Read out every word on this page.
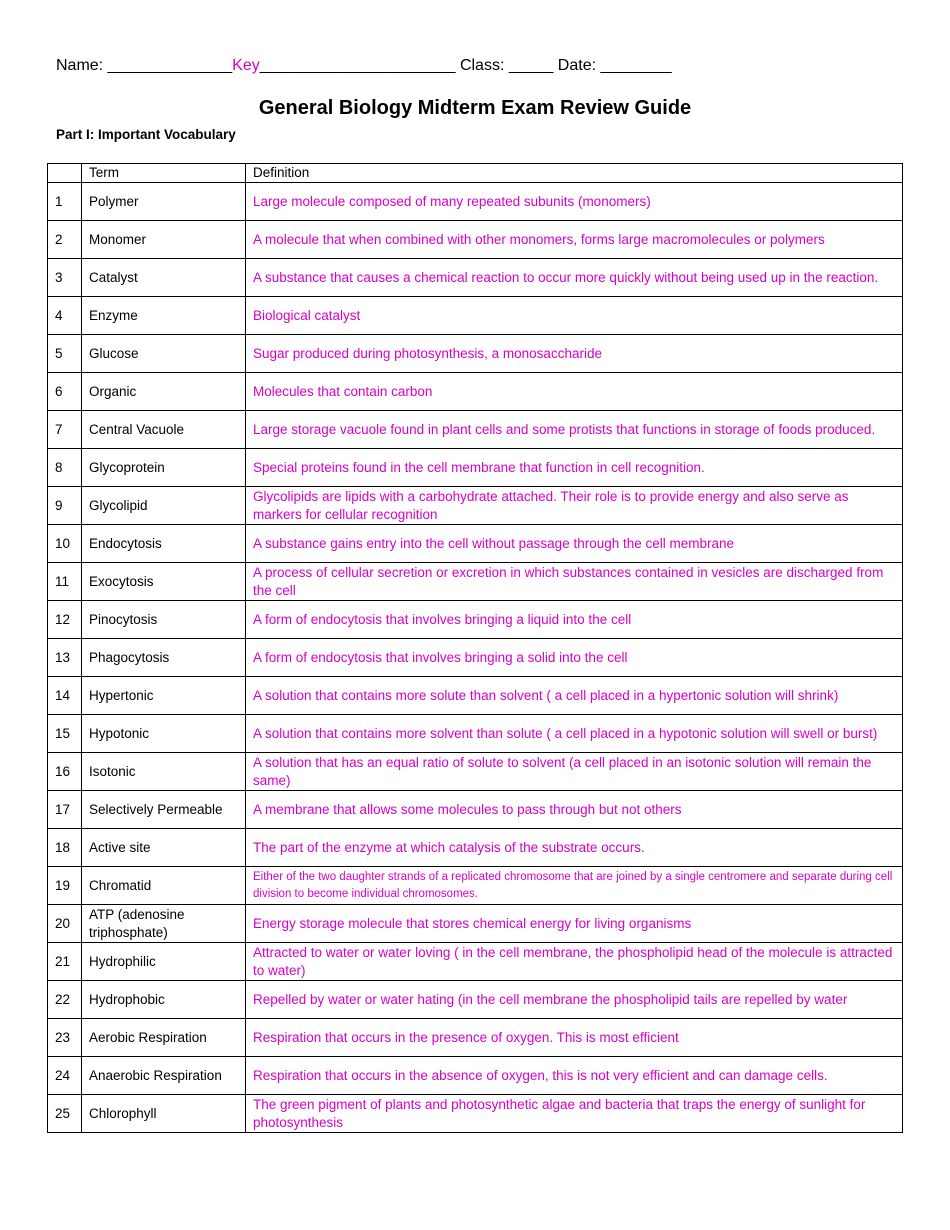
Name: ______________Key______________________ Class: _____ Date: ________
General Biology Midterm Exam Review Guide
Part I: Important Vocabulary
	Term	Definition
1	Polymer	Large molecule composed of many repeated subunits (monomers)
2	Monomer	A molecule that when combined with other monomers, forms large macromolecules or polymers
3	Catalyst	A substance that causes a chemical reaction to occur more quickly without being used up in the reaction.
4	Enzyme	Biological catalyst
5	Glucose	Sugar produced during photosynthesis, a monosaccharide
6	Organic	Molecules that contain carbon
7	Central Vacuole	Large storage vacuole found in plant cells and some protists that functions in storage of foods produced.
8	Glycoprotein	Special proteins found in the cell membrane that function in cell recognition.
9	Glycolipid	Glycolipids are lipids with a carbohydrate attached. Their role is to provide energy and also serve as markers for cellular recognition
10	Endocytosis	A substance gains entry into the cell without passage through the cell membrane
11	Exocytosis	A process of cellular secretion or excretion in which substances contained in vesicles are discharged from the cell
12	Pinocytosis	A form of endocytosis that involves bringing a liquid into the cell
13	Phagocytosis	A form of endocytosis that involves bringing a solid into the cell
14	Hypertonic	A solution that contains more solute than solvent ( a cell placed in a hypertonic solution will shrink)
15	Hypotonic	A solution that contains more solvent than solute ( a cell placed in a hypotonic solution will swell or burst)
16	Isotonic	A solution that has an equal ratio of solute to solvent (a cell placed in an isotonic solution will remain the same)
17	Selectively Permeable	A membrane that allows some molecules to pass through but not others
18	Active site	The part of the enzyme at which catalysis of the substrate occurs.
19	Chromatid	Either of the two daughter strands of a replicated chromosome that are joined by a single centromere and separate during cell division to become individual chromosomes.
20	ATP (adenosine triphosphate)	Energy storage molecule that stores chemical energy for living organisms
21	Hydrophilic	Attracted to water or water loving ( in the cell membrane, the phospholipid head of the molecule is attracted to water)
22	Hydrophobic	Repelled by water or water hating (in the cell membrane the phospholipid tails are repelled by water
23	Aerobic Respiration	Respiration that occurs in the presence of oxygen. This is most efficient
24	Anaerobic Respiration	Respiration that occurs in the absence of oxygen, this is not very efficient and can damage cells.
25	Chlorophyll	The green pigment of plants and photosynthetic algae and bacteria that traps the energy of sunlight for photosynthesis
